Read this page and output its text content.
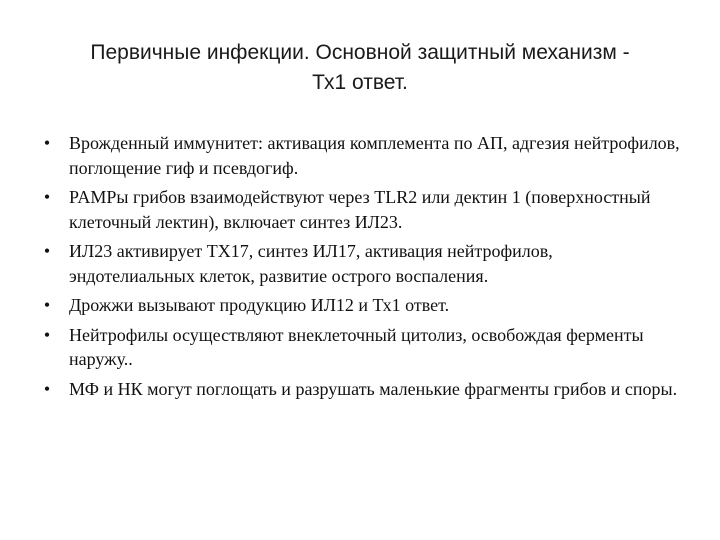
Первичные инфекции. Основной защитный механизм -
Тх1 ответ.
• Врожденный иммунитет: активация комплемента по АП, адгезия нейтрофилов, поглощение гиф и псевдогиф.
• PAMPы грибов взаимодействуют через TLR2 или дектин 1 (поверхностный клеточный лектин), включает синтез ИЛ23.
• ИЛ23 активирует ТХ17, синтез ИЛ17, активация нейтрофилов, эндотелиальных клеток, развитие острого воспаления.
• Дрожжи вызывают продукцию ИЛ12 и Тх1 ответ.
• Нейтрофилы осуществляют внеклеточный цитолиз, освобождая ферменты наружу..
• МФ и НК могут поглощать и разрушать маленькие фрагменты грибов и споры.
